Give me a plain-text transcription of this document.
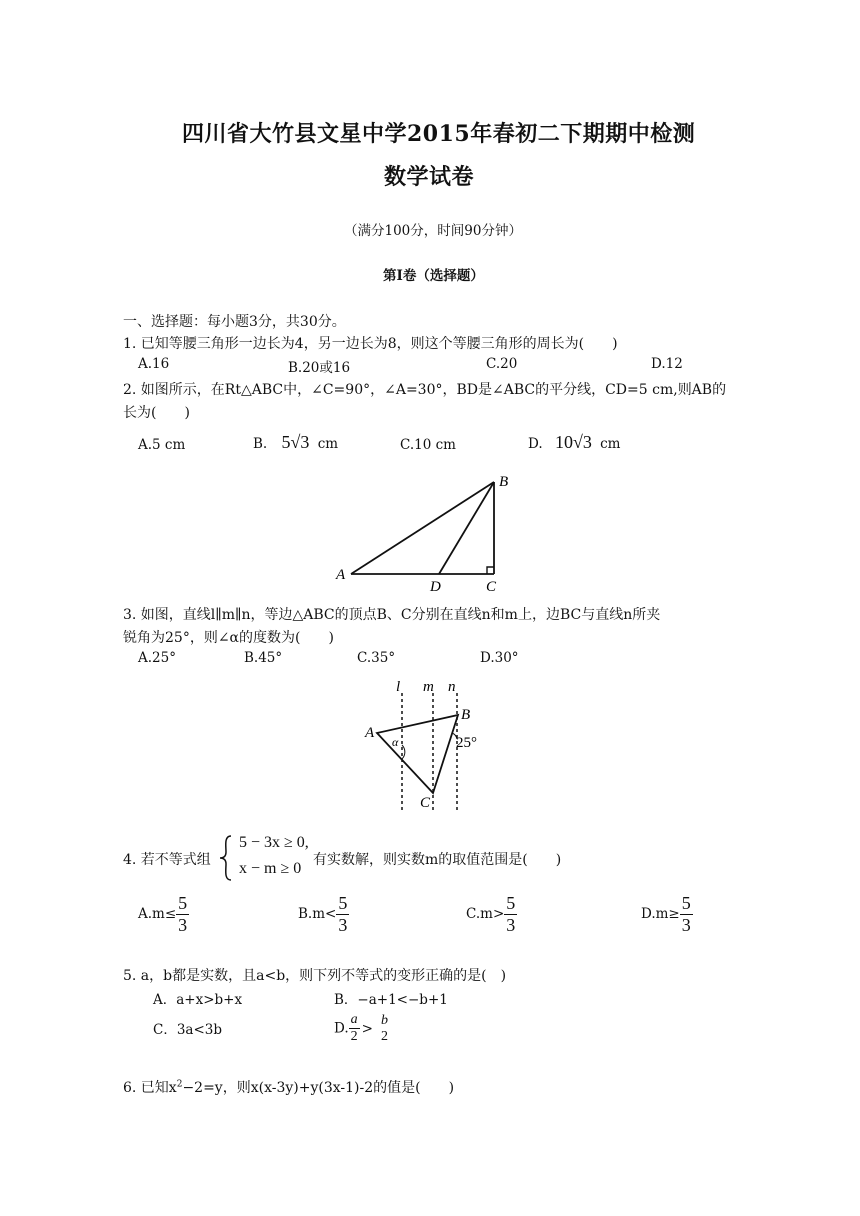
四川省大竹县文星中学2015年春初二下期期中检测
数学试卷
（满分100分，时间90分钟）
第Ⅰ卷（选择题）
一、选择题：每小题3分，共30分。
1. 已知等腰三角形一边长为4，另一边长为8，则这个等腰三角形的周长为(　　)
A.16	B.20或16	C.20	D.12
2. 如图所示，在Rt△ABC中，∠C=90°，∠A=30°，BD是∠ABC的平分线，CD=5 cm,则AB的
长为(　　)
A.5 cm	B. 5√3 cm	C.10 cm	D. 10√3 cm
A
B
C
D
3. 如图，直线l∥m∥n，等边△ABC的顶点B、C分别在直线n和m上，边BC与直线n所夹
锐角为25°，则∠α的度数为(　　)
A.25°	B.45°	C.35°	D.30°
l m n
A
B
C
α	25°
4. 若不等式组
5 − 3x ≥ 0,
x − m ≥ 0 有实数解，则实数m的取值范围是(　　)
$A.m\le \frac{5}{3}$	$B.m< \frac{5}{3}$	$C.m> \frac{5}{3}$	$D.m\ge \frac{5}{3}$
5. a，b都是实数，且a<b，则下列不等式的变形正确的是(　)
A．a+x>b+x	B．−a+1<−b+1
C．3a<3b	D. $\frac{a}{2}$ >
b
2
6. 已知$x^2-2=y$，则x(x-3y)+y(3x-1)-2的值是(　　)
